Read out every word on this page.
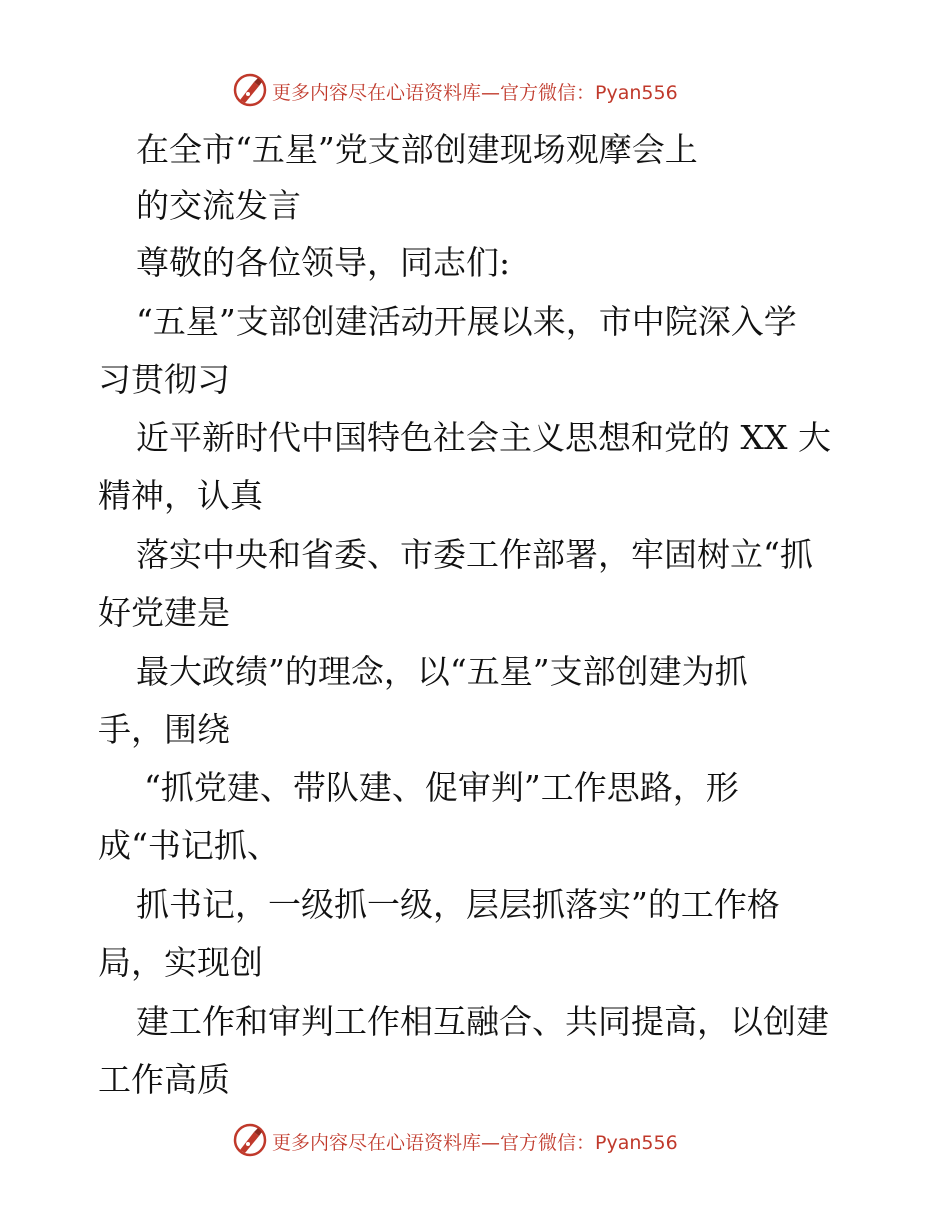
更多内容尽在心语资料库—官方微信：Pyan556
在全市“五星”党支部创建现场观摩会上
的交流发言
尊敬的各位领导，同志们:
“五星”支部创建活动开展以来，市中院深入学
习贯彻习
近平新时代中国特色社会主义思想和党的 XX 大
精神，认真
落实中央和省委、市委工作部署，牢固树立“抓
好党建是
最大政绩”的理念，以“五星”支部创建为抓
手，围绕
“抓党建、带队建、促审判”工作思路，形
成“书记抓、
抓书记，一级抓一级，层层抓落实”的工作格
局，实现创
建工作和审判工作相互融合、共同提高，以创建
工作高质
更多内容尽在心语资料库—官方微信：Pyan556
